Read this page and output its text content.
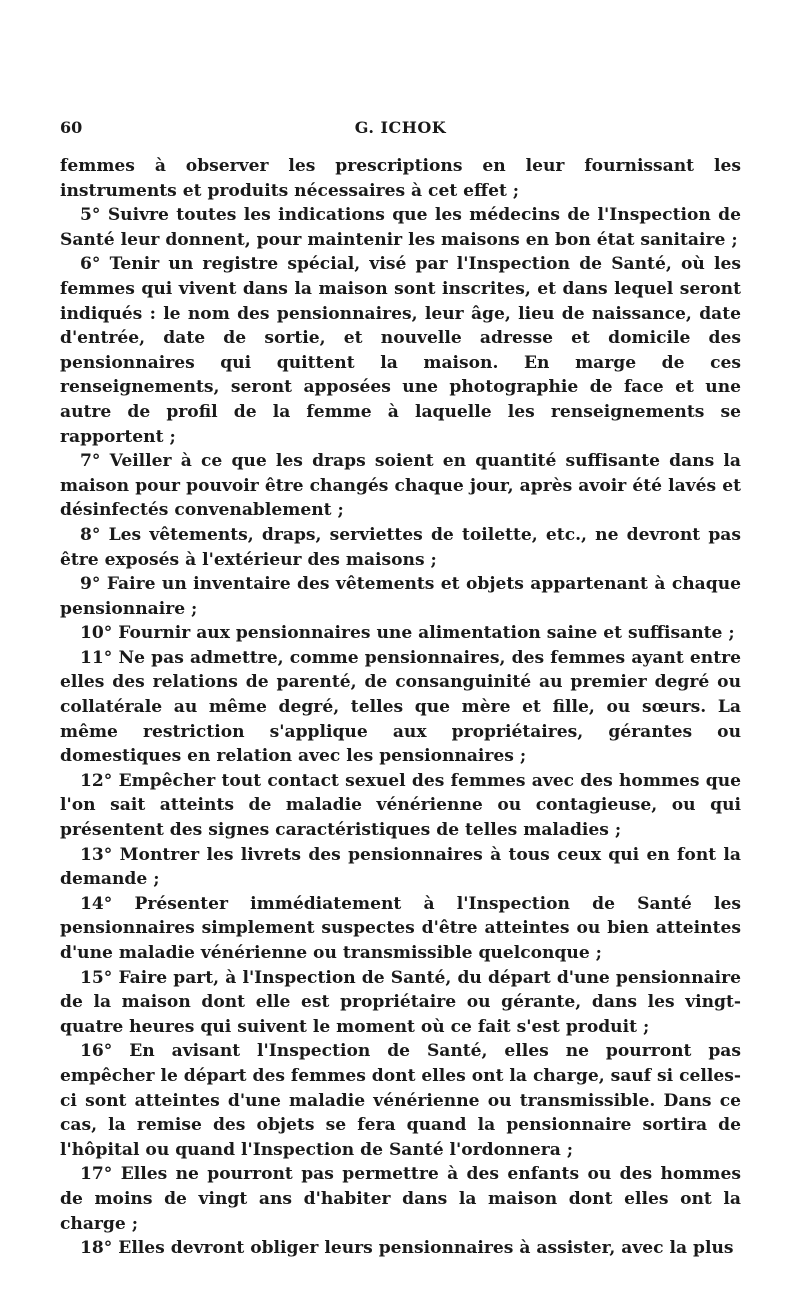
60	G. ICHOK

femmes à observer les prescriptions en leur fournissant les instruments et produits nécessaires à cet effet ;

5° Suivre toutes les indications que les médecins de l'Inspection de Santé leur donnent, pour maintenir les maisons en bon état sanitaire ;

6° Tenir un registre spécial, visé par l'Inspection de Santé, où les femmes qui vivent dans la maison sont inscrites, et dans lequel seront indiqués : le nom des pensionnaires, leur âge, lieu de naissance, date d'entrée, date de sortie, et nouvelle adresse et domicile des pensionnaires qui quittent la maison. En marge de ces renseignements, seront apposées une photographie de face et une autre de profil de la femme à laquelle les renseignements se rapportent ;

7° Veiller à ce que les draps soient en quantité suffisante dans la maison pour pouvoir être changés chaque jour, après avoir été lavés et désinfectés convenablement ;

8° Les vêtements, draps, serviettes de toilette, etc., ne devront pas être exposés à l'extérieur des maisons ;

9° Faire un inventaire des vêtements et objets appartenant à chaque pensionnaire ;

10° Fournir aux pensionnaires une alimentation saine et suffisante ;

11° Ne pas admettre, comme pensionnaires, des femmes ayant entre elles des relations de parenté, de consanguinité au premier degré ou collatérale au même degré, telles que mère et fille, ou sœurs. La même restriction s'applique aux propriétaires, gérantes ou domestiques en relation avec les pensionnaires ;

12° Empêcher tout contact sexuel des femmes avec des hommes que l'on sait atteints de maladie vénérienne ou contagieuse, ou qui présentent des signes caractéristiques de telles maladies ;

13° Montrer les livrets des pensionnaires à tous ceux qui en font la demande ;

14° Présenter immédiatement à l'Inspection de Santé les pensionnaires simplement suspectes d'être atteintes ou bien atteintes d'une maladie vénérienne ou transmissible quelconque ;

15° Faire part, à l'Inspection de Santé, du départ d'une pensionnaire de la maison dont elle est propriétaire ou gérante, dans les vingt-quatre heures qui suivent le moment où ce fait s'est produit ;

16° En avisant l'Inspection de Santé, elles ne pourront pas empêcher le départ des femmes dont elles ont la charge, sauf si celles-ci sont atteintes d'une maladie vénérienne ou transmissible. Dans ce cas, la remise des objets se fera quand la pensionnaire sortira de l'hôpital ou quand l'Inspection de Santé l'ordonnera ;

17° Elles ne pourront pas permettre à des enfants ou des hommes de moins de vingt ans d'habiter dans la maison dont elles ont la charge ;

18° Elles devront obliger leurs pensionnaires à assister, avec la plus
